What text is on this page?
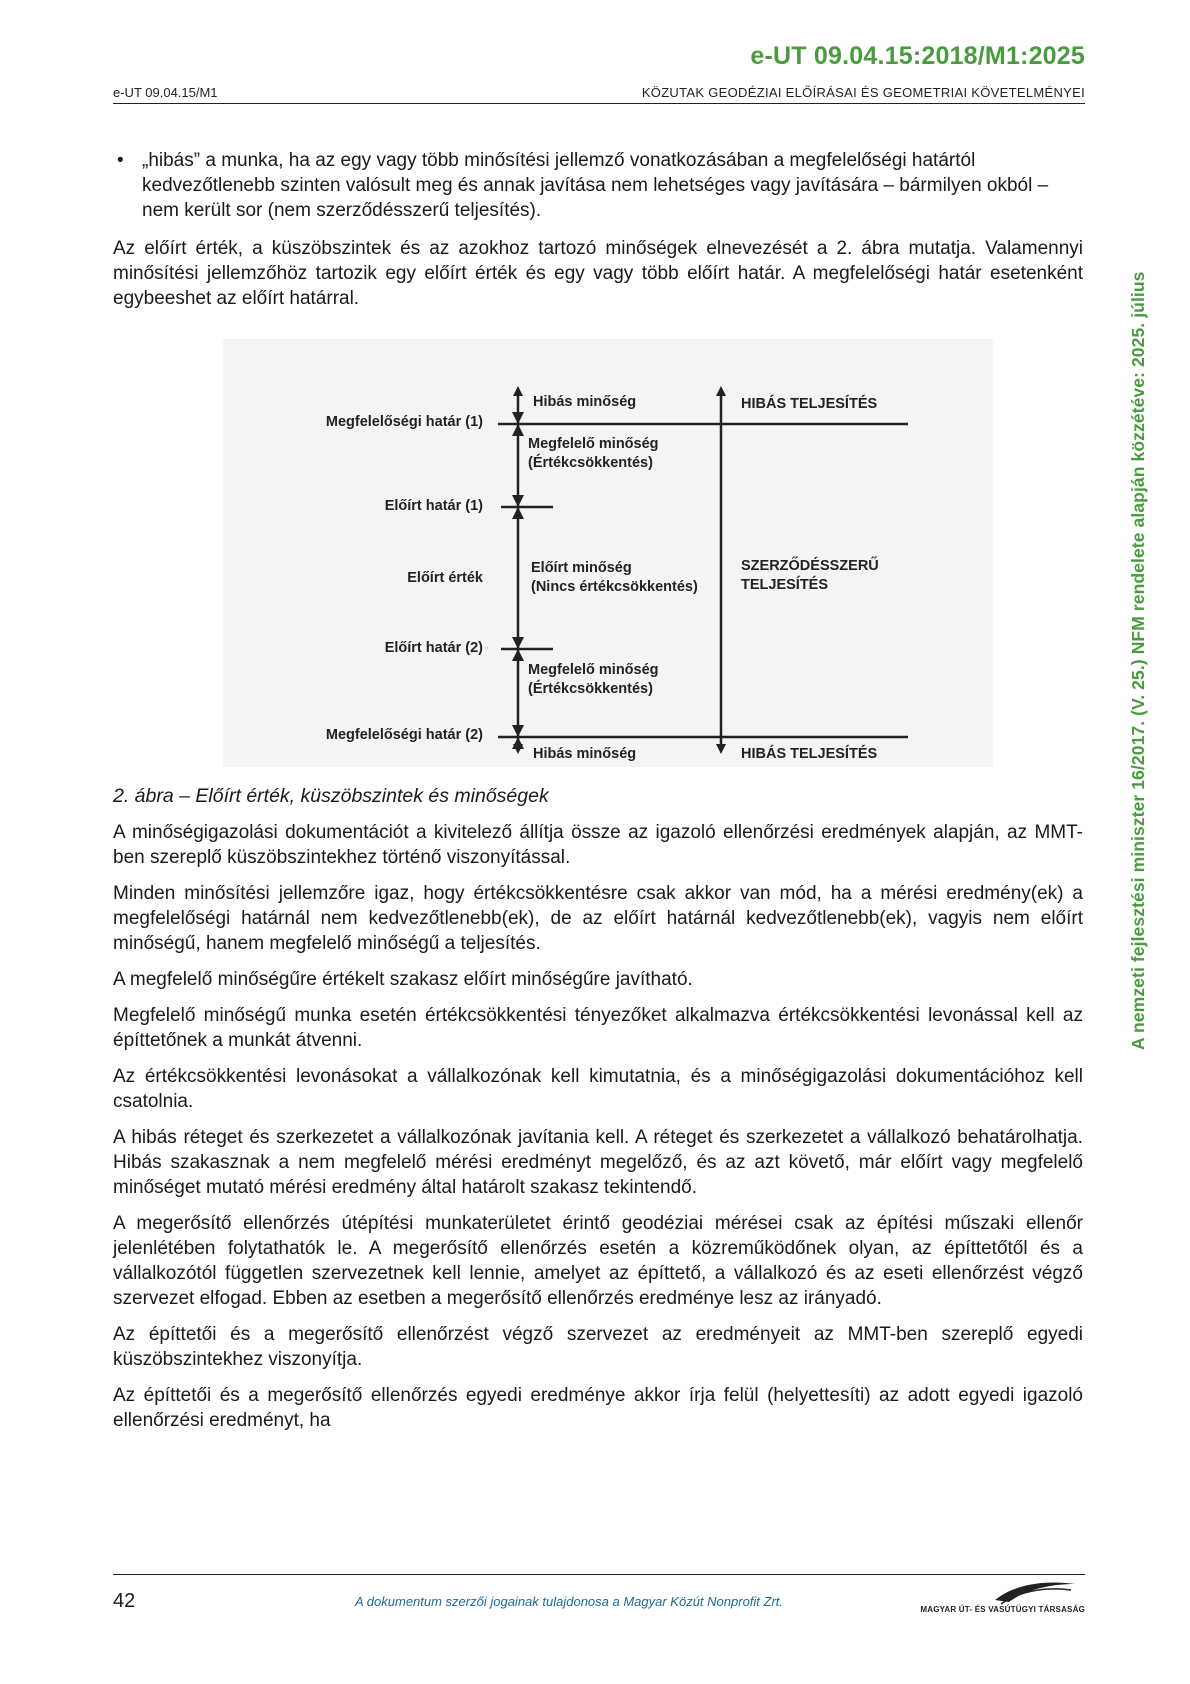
e-UT 09.04.15:2018/M1:2025
e-UT 09.04.15/M1	KÖZUTAK GEODÉZIAI ELŐÍRÁSAI ÉS GEOMETRIAI KÖVETELMÉNYEI
A nemzeti fejlesztési miniszter 16/2017. (V. 25.) NFM rendelete alapján közzétéve: 2025. július
• „hibás” a munka, ha az egy vagy több minősítési jellemző vonatkozásában a megfelelőségi határtól kedvezőtlenebb szinten valósult meg és annak javítása nem lehetséges vagy javítására – bármilyen okból – nem került sor (nem szerződésszerű teljesítés).

Az előírt érték, a küszöbszintek és az azokhoz tartozó minőségek elnevezését a 2. ábra mutatja. Valamennyi minősítési jellemzőhöz tartozik egy előírt érték és egy vagy több előírt határ. A megfelelőségi határ esetenként egybeeshet az előírt határral.

Megfelelőségi határ (1)
Előírt határ (1)
Előírt érték
Előírt határ (2)
Megfelelőségi határ (2)
Hibás minőség
Megfelelő minőség
(Értékcsökkentés)
Előírt minőség
(Nincs értékcsökkentés)
Megfelelő minőség
(Értékcsökkentés)
Hibás minőség
HIBÁS TELJESÍTÉS
SZERZŐDÉSSZERŰ
TELJESÍTÉS
HIBÁS TELJESÍTÉS
2. ábra – Előírt érték, küszöbszintek és minőségek

A minőségigazolási dokumentációt a kivitelező állítja össze az igazoló ellenőrzési eredmények alapján, az MMT-ben szereplő küszöbszintekhez történő viszonyítással.

Minden minősítési jellemzőre igaz, hogy értékcsökkentésre csak akkor van mód, ha a mérési eredmény(ek) a megfelelőségi határnál nem kedvezőtlenebb(ek), de az előírt határnál kedvezőtlenebb(ek), vagyis nem előírt minőségű, hanem megfelelő minőségű a teljesítés.

A megfelelő minőségűre értékelt szakasz előírt minőségűre javítható.

Megfelelő minőségű munka esetén értékcsökkentési tényezőket alkalmazva értékcsökkentési levonással kell az építtetőnek a munkát átvenni.

Az értékcsökkentési levonásokat a vállalkozónak kell kimutatnia, és a minőségigazolási dokumentációhoz kell csatolnia.

A hibás réteget és szerkezetet a vállalkozónak javítania kell. A réteget és szerkezetet a vállalkozó behatárolhatja. Hibás szakasznak a nem megfelelő mérési eredményt megelőző, és az azt követő, már előírt vagy megfelelő minőséget mutató mérési eredmény által határolt szakasz tekintendő.

A megerősítő ellenőrzés útépítési munkaterületet érintő geodéziai mérései csak az építési műszaki ellenőr jelenlétében folytathatók le. A megerősítő ellenőrzés esetén a közreműködőnek olyan, az építtetőtől és a vállalkozótól független szervezetnek kell lennie, amelyet az építtető, a vállalkozó és az eseti ellenőrzést végző szervezet elfogad. Ebben az esetben a megerősítő ellenőrzés eredménye lesz az irányadó.

Az építtetői és a megerősítő ellenőrzést végző szervezet az eredményeit az MMT-ben szereplő egyedi küszöbszintekhez viszonyítja.

Az építtetői és a megerősítő ellenőrzés egyedi eredménye akkor írja felül (helyettesíti) az adott egyedi igazoló ellenőrzési eredményt, ha

42	A dokumentum szerzői jogainak tulajdonosa a Magyar Közút Nonprofit Zrt.
MAGYAR ÚT- ÉS VASÚTÜGYI TÁRSASÁG
